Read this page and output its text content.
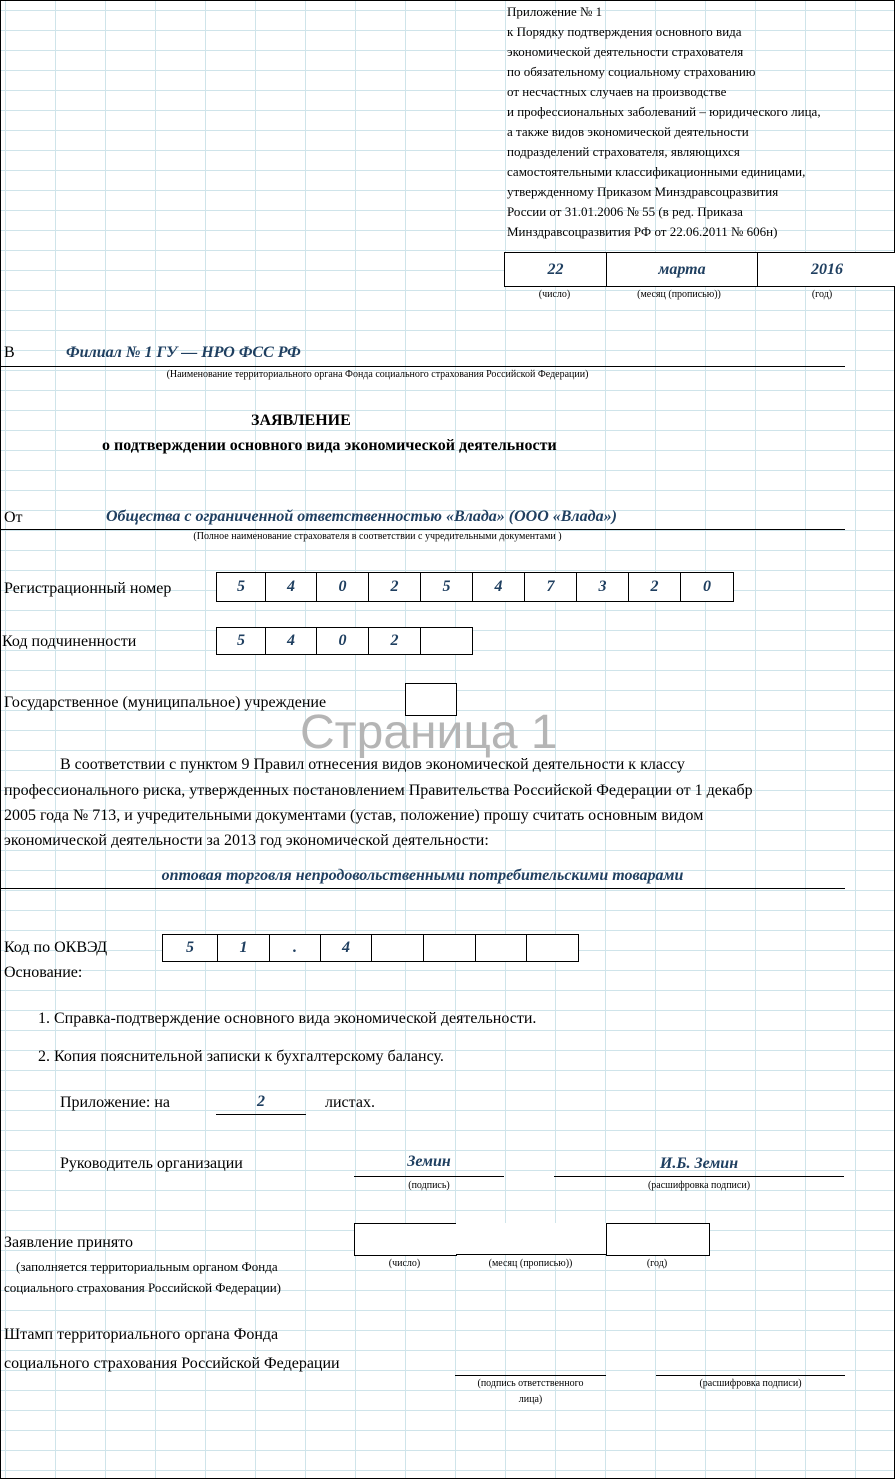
Приложение № 1
к Порядку подтверждения основного вида
экономической деятельности страхователя
по обязательному социальному страхованию
от несчастных случаев на производстве
и профессиональных заболеваний – юридического лица,
а также видов экономической деятельности
подразделений страхователя, являющихся
самостоятельными классификационными единицами,
утвержденному Приказом Минздравсоцразвития
России от 31.01.2006 № 55 (в ред. Приказа
Минздравсоцразвития РФ от 22.06.2011 № 606н)
22	марта	2016
(число)	(месяц (прописью))	(год)
В	Филиал № 1 ГУ — НРО ФСС РФ
(Наименование территориального органа Фонда социального страхования Российской Федерации)
ЗАЯВЛЕНИЕ
о подтверждении основного вида экономической деятельности
От	Общества с ограниченной ответственностью «Влада» (ООО «Влада»)
(Полное наименование страхователя в соответствии с учредительными документами )
Регистрационный номер	5	4	0	2	5	4	7	3	2	0
Код подчиненности	5	4	0	2
Государственное (муниципальное) учреждение
Страница 1
В соответствии с пунктом 9 Правил отнесения видов экономической деятельности к классу
профессионального риска, утвержденных постановлением Правительства Российской Федерации от 1 декабр
2005 года № 713, и учредительными документами (устав, положение) прошу считать основным видом
экономической деятельности за 2013 год экономической деятельности:
оптовая торговля непродовольственными потребительскими товарами
Код по ОКВЭД	5	1	.	4
Основание:
1. Справка-подтверждение основного вида экономической деятельности.
2. Копия пояснительной записки к бухгалтерскому балансу.
Приложение: на	2	листах.
Руководитель организации	Земин
(подпись)
И.Б. Земин
(расшифровка подписи)
Заявление принято
(заполняется территориальным органом Фонда
социального страхования Российской Федерации)
(число)	(месяц (прописью))	(год)
Штамп территориального органа Фонда
социального страхования Российской Федерации
(подпись ответственного
лица)
(расшифровка подписи)
